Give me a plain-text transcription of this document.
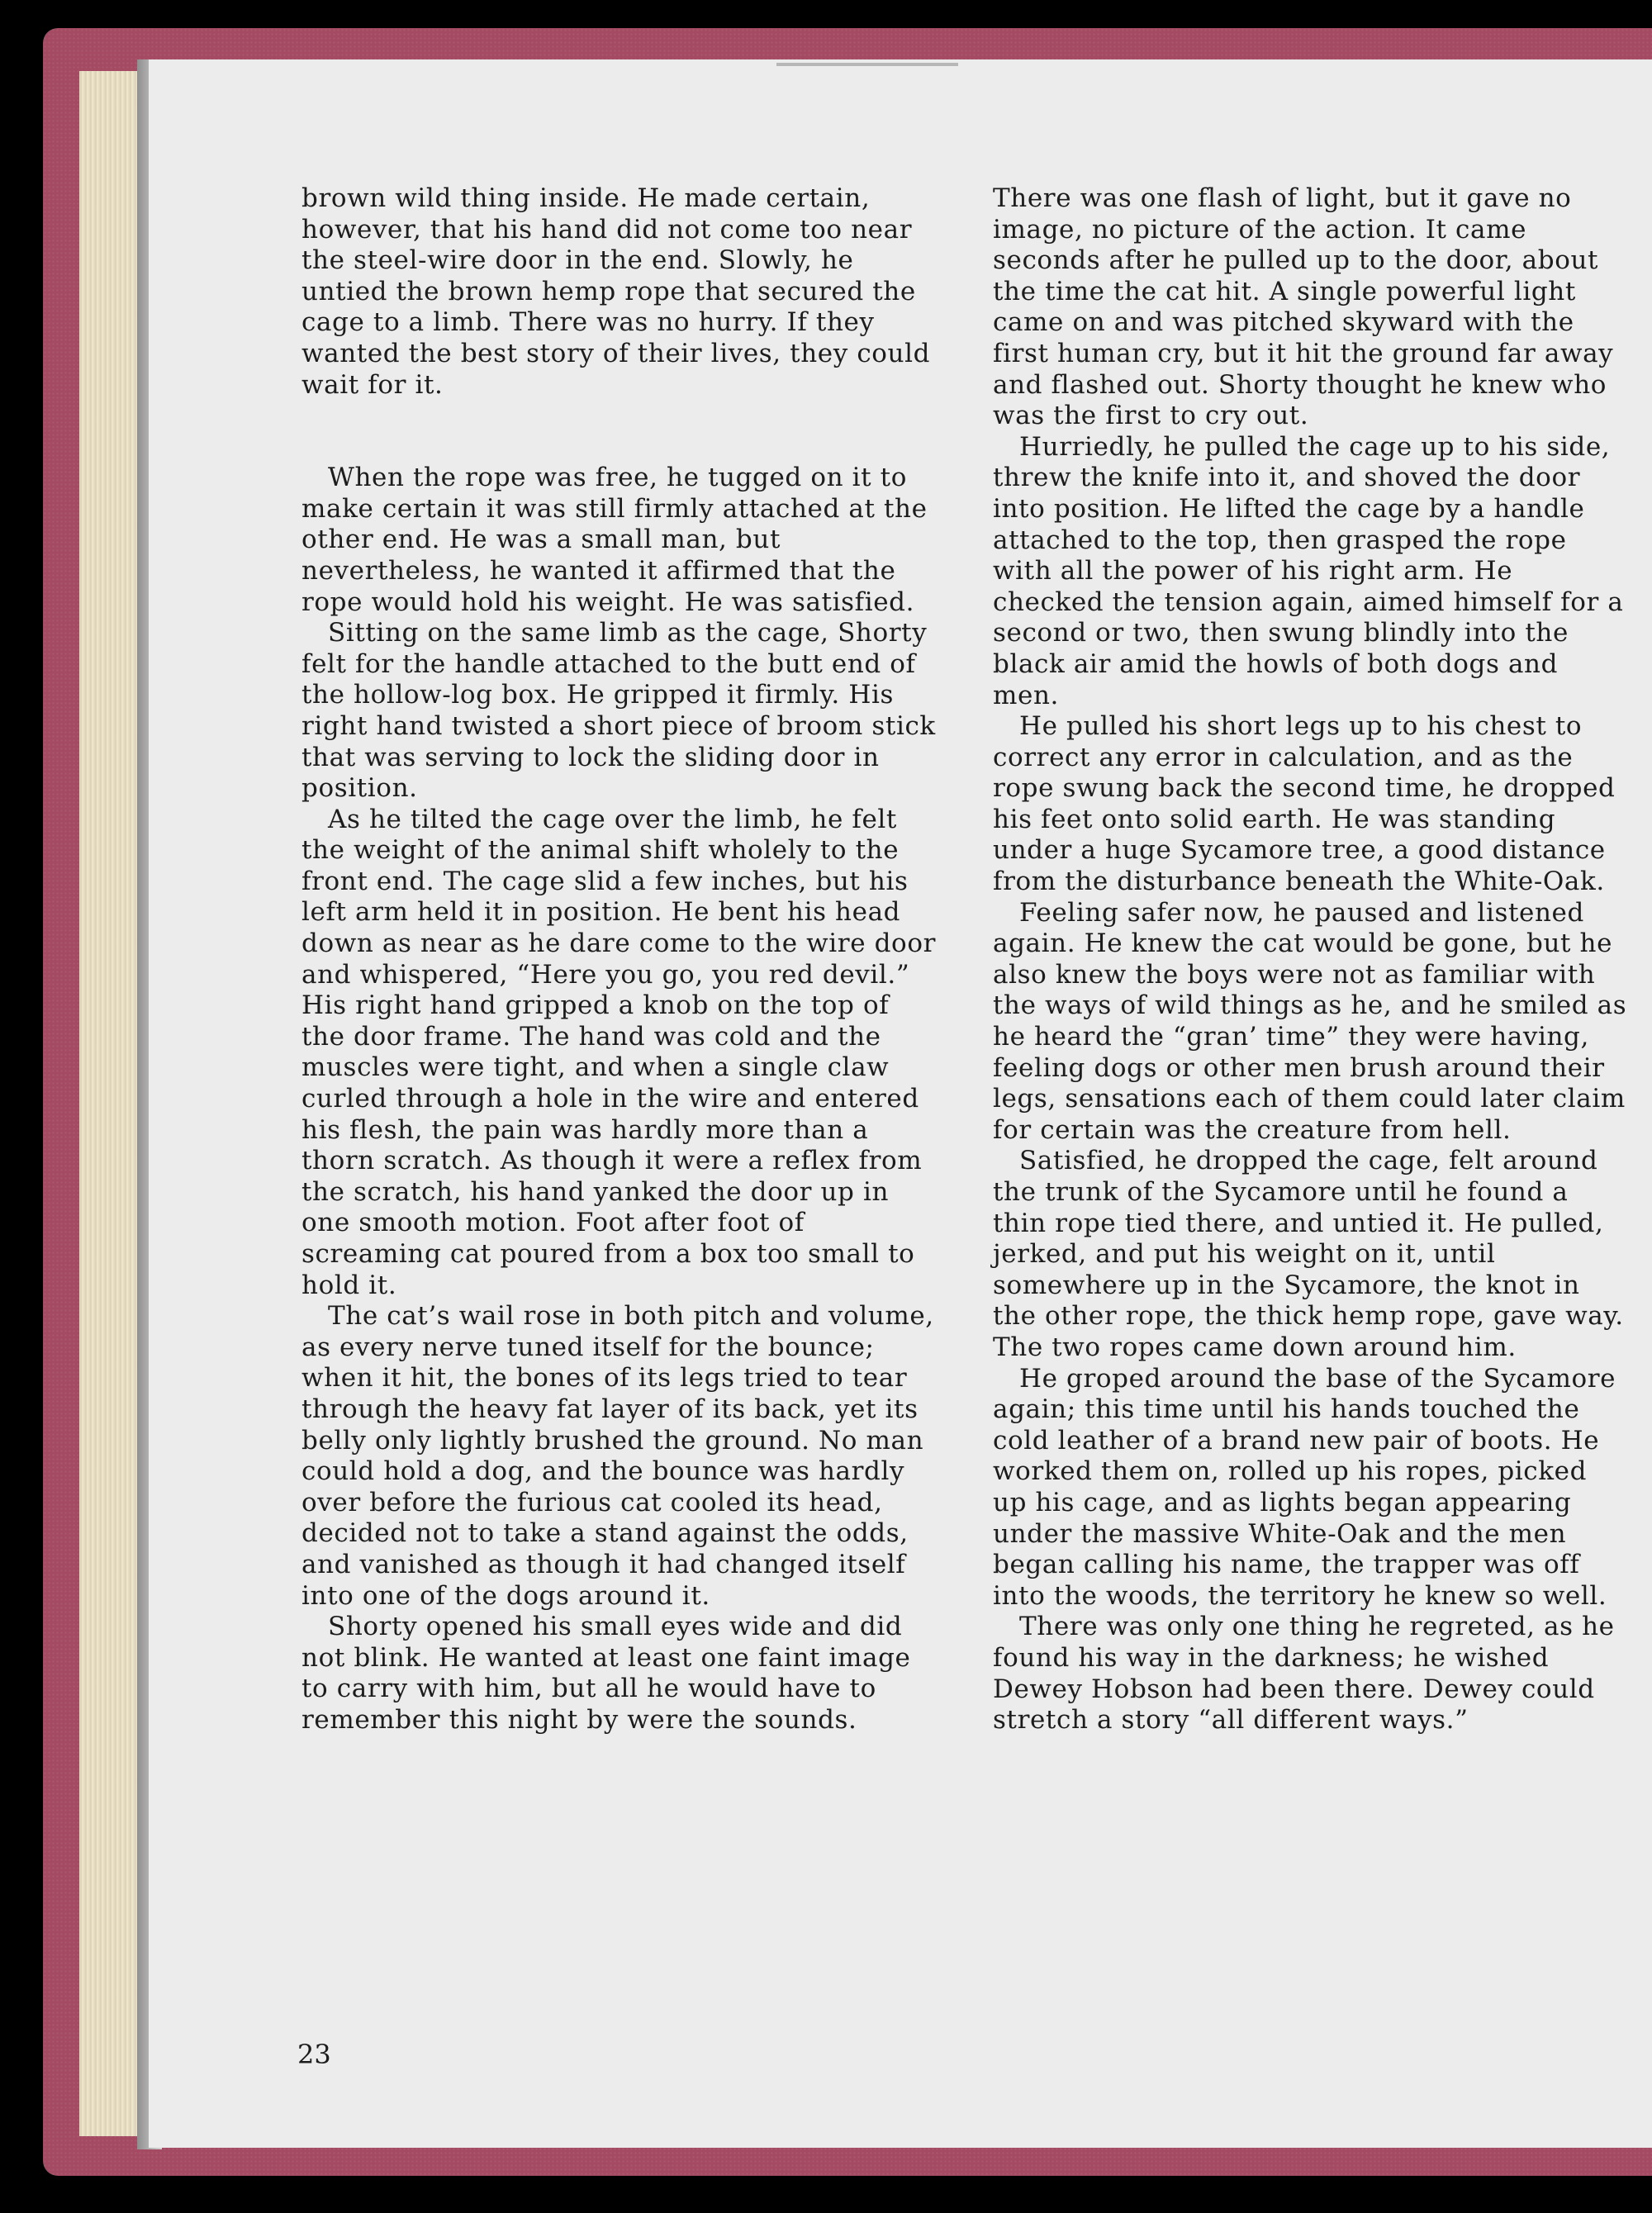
brown wild thing inside. He made certain, however, that his hand did not come too near the steel-wire door in the end. Slowly, he untied the brown hemp rope that secured the cage to a limb. There was no hurry. If they wanted the best story of their lives, they could wait for it.

When the rope was free, he tugged on it to make certain it was still firmly attached at the other end. He was a small man, but nevertheless, he wanted it affirmed that the rope would hold his weight. He was satisfied.

Sitting on the same limb as the cage, Shorty felt for the handle attached to the butt end of the hollow-log box. He gripped it firmly. His right hand twisted a short piece of broom stick that was serving to lock the sliding door in position.

As he tilted the cage over the limb, he felt the weight of the animal shift wholely to the front end. The cage slid a few inches, but his left arm held it in position. He bent his head down as near as he dare come to the wire door and whispered, “Here you go, you red devil.” His right hand gripped a knob on the top of the door frame. The hand was cold and the muscles were tight, and when a single claw curled through a hole in the wire and entered his flesh, the pain was hardly more than a thorn scratch. As though it were a reflex from the scratch, his hand yanked the door up in one smooth motion. Foot after foot of screaming cat poured from a box too small to hold it.

The cat’s wail rose in both pitch and volume, as every nerve tuned itself for the bounce; when it hit, the bones of its legs tried to tear through the heavy fat layer of its back, yet its belly only lightly brushed the ground. No man could hold a dog, and the bounce was hardly over before the furious cat cooled its head, decided not to take a stand against the odds, and vanished as though it had changed itself into one of the dogs around it.

Shorty opened his small eyes wide and did not blink. He wanted at least one faint image to carry with him, but all he would have to remember this night by were the sounds.

There was one flash of light, but it gave no image, no picture of the action. It came seconds after he pulled up to the door, about the time the cat hit. A single powerful light came on and was pitched skyward with the first human cry, but it hit the ground far away and flashed out. Shorty thought he knew who was the first to cry out.

Hurriedly, he pulled the cage up to his side, threw the knife into it, and shoved the door into position. He lifted the cage by a handle attached to the top, then grasped the rope with all the power of his right arm. He checked the tension again, aimed himself for a second or two, then swung blindly into the black air amid the howls of both dogs and men.

He pulled his short legs up to his chest to correct any error in calculation, and as the rope swung back the second time, he dropped his feet onto solid earth. He was standing under a huge Sycamore tree, a good distance from the disturbance beneath the White-Oak.

Feeling safer now, he paused and listened again. He knew the cat would be gone, but he also knew the boys were not as familiar with the ways of wild things as he, and he smiled as he heard the “gran’ time” they were having, feeling dogs or other men brush around their legs, sensations each of them could later claim for certain was the creature from hell.

Satisfied, he dropped the cage, felt around the trunk of the Sycamore until he found a thin rope tied there, and untied it. He pulled, jerked, and put his weight on it, until somewhere up in the Sycamore, the knot in the other rope, the thick hemp rope, gave way. The two ropes came down around him.

He groped around the base of the Sycamore again; this time until his hands touched the cold leather of a brand new pair of boots. He worked them on, rolled up his ropes, picked up his cage, and as lights began appearing under the massive White-Oak and the men began calling his name, the trapper was off into the woods, the territory he knew so well.

There was only one thing he regreted, as he found his way in the darkness; he wished Dewey Hobson had been there. Dewey could stretch a story “all different ways.”

23
